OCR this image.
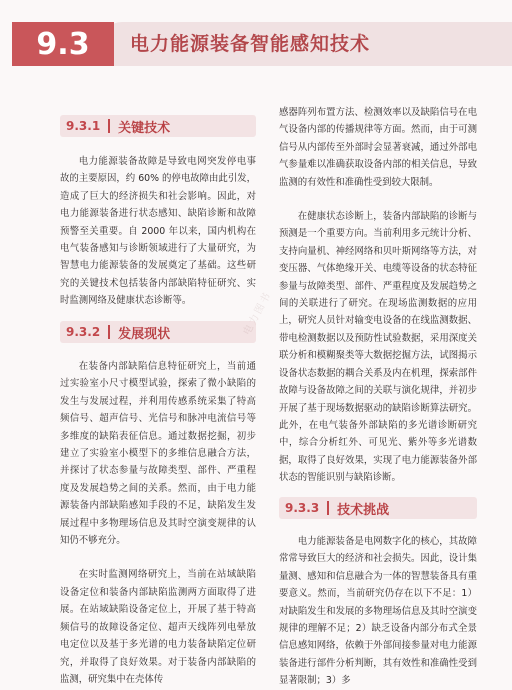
9.3	电力能源装备智能感知技术
9.3.1	关键技术

电力能源装备故障是导致电网突发停电事故的主要原因，约 60% 的停电故障由此引发，造成了巨大的经济损失和社会影响。因此，对电力能源装备进行状态感知、缺陷诊断和故障预警至关重要。自 2000 年以来，国内机构在电气装备感知与诊断领域进行了大量研究，为智慧电力能源装备的发展奠定了基础。这些研究的关键技术包括装备内部缺陷特征研究、实时监测网络及健康状态诊断等。

9.3.2	发展现状

在装备内部缺陷信息特征研究上，当前通过实验室小尺寸模型试验，探索了微小缺陷的发生与发展过程，并利用传感系统采集了特高频信号、超声信号、光信号和脉冲电流信号等多维度的缺陷表征信息。通过数据挖掘，初步建立了实验室小模型下的多维信息融合方法，并探讨了状态参量与故障类型、部件、严重程度及发展趋势之间的关系。然而，由于电力能源装备内部缺陷感知手段的不足，缺陷发生发展过程中多物理场信息及其时空演变规律的认知仍不够充分。

在实时监测网络研究上，当前在站域缺陷设备定位和装备内部缺陷监测两方面取得了进展。在站域缺陷设备定位上，开展了基于特高频信号的故障设备定位、超声天线阵列电晕放电定位以及基于多光谱的电力装备缺陷定位研究，并取得了良好效果。对于装备内部缺陷的监测，研究集中在壳体传

感器阵列布置方法、检测效率以及缺陷信号在电气设备内部的传播规律等方面。然而，由于可测信号从内部传至外部时会显著衰减，通过外部电气参量难以准确获取设备内部的相关信息，导致监测的有效性和准确性受到较大限制。

在健康状态诊断上，装备内部缺陷的诊断与预测是一个重要方向。当前利用多元统计分析、支持向量机、神经网络和贝叶斯网络等方法，对变压器、气体绝缘开关、电缆等设备的状态特征参量与故障类型、部件、严重程度及发展趋势之间的关联进行了研究。在现场监测数据的应用上，研究人员针对输变电设备的在线监测数据、带电检测数据以及预防性试验数据，采用深度关联分析和模糊聚类等大数据挖掘方法，试图揭示设备状态数据的耦合关系及内在机理，探索部件故障与设备故障之间的关联与演化规律，并初步开展了基于现场数据驱动的缺陷诊断算法研究。此外，在电气装备外部缺陷的多光谱诊断研究中，综合分析红外、可见光、紫外等多光谱数据，取得了良好效果，实现了电力能源装备外部状态的智能识别与缺陷诊断。

9.3.3	技术挑战

电力能源装备是电网数字化的核心，其故障常常导致巨大的经济和社会损失。因此，设计集量测、感知和信息融合为一体的智慧装备具有重要意义。然而，当前研究仍存在以下不足：1）对缺陷发生和发展的多物理场信息及其时空演变规律的理解不足；2）缺乏设备内部分布式全景信息感知网络，依赖于外部间接参量对电力能源装备进行部件分析判断，其有效性和准确性受到显著限制；3）多

电力图书
